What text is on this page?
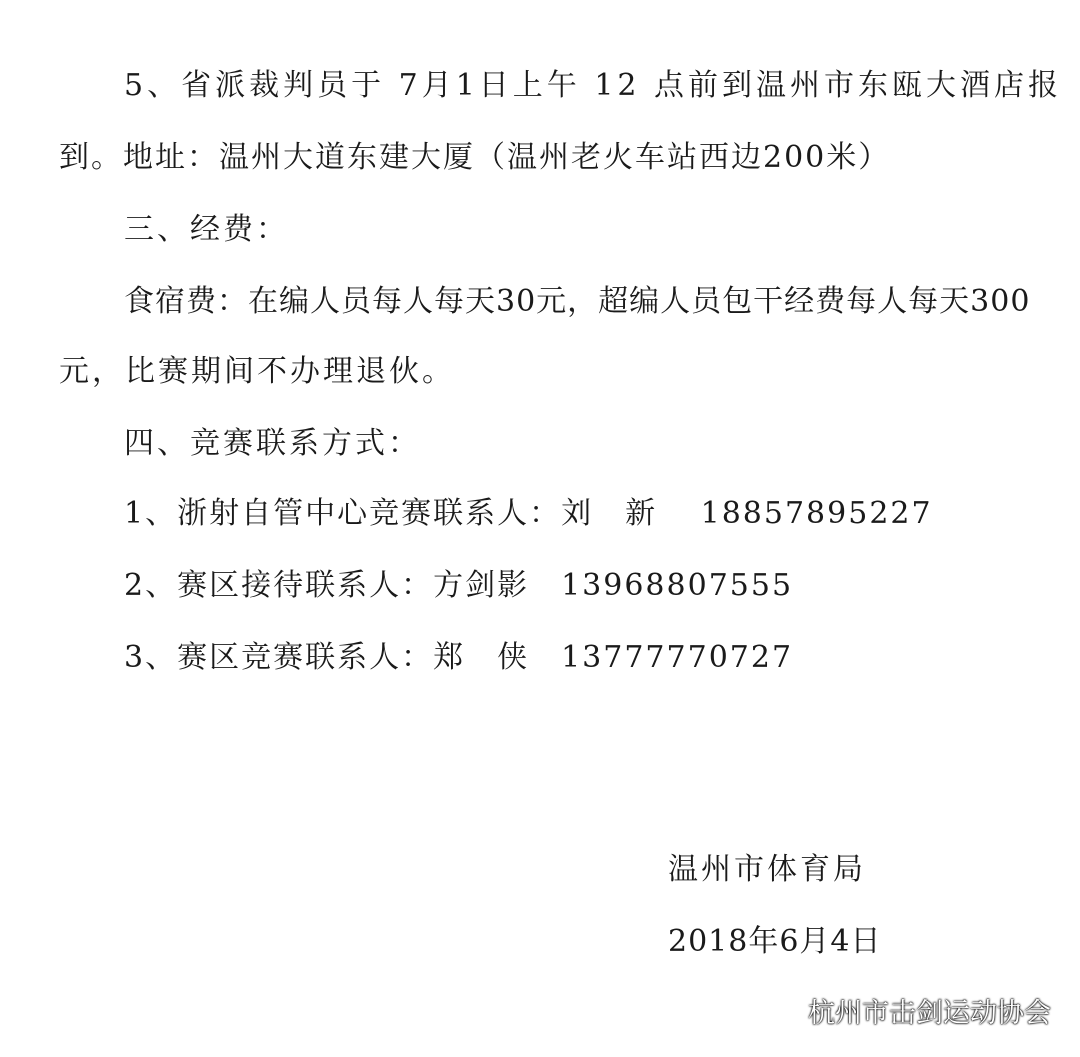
5、省派裁判员于 7月1日上午 12 点前到温州市东瓯大酒店报
到。地址：温州大道东建大厦（温州老火车站西边200米）
三、经费：
食宿费：在编人员每人每天30元，超编人员包干经费每人每天300
元，比赛期间不办理退伙。
四、竞赛联系方式：
1、浙射自管中心竞赛联系人：刘　新　 18857895227
2、赛区接待联系人：方剑影　13968807555
3、赛区竞赛联系人：郑　侠　13777770727
温州市体育局
2018年6月4日
杭州市击剑运动协会
